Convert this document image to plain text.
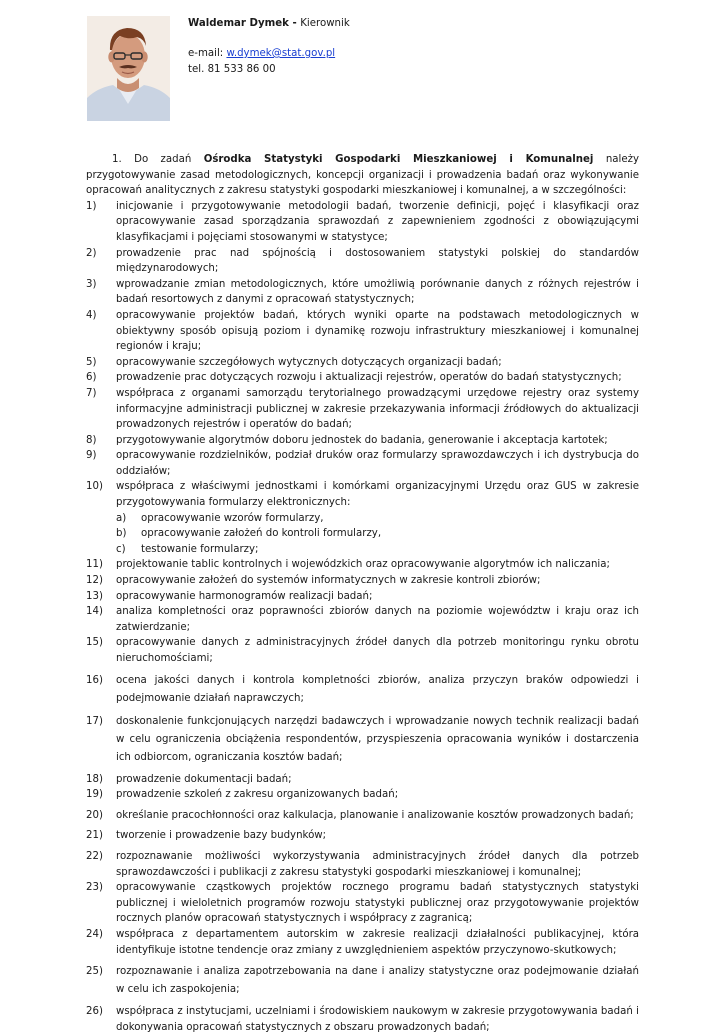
Waldemar Dymek - Kierownik
e-mail: w.dymek@stat.gov.pl
tel. 81 533 86 00

1. Do zadań Ośrodka Statystyki Gospodarki Mieszkaniowej i Komunalnej należy przygotowywanie zasad metodologicznych, koncepcji organizacji i prowadzenia badań oraz wykonywanie opracowań analitycznych z zakresu statystyki gospodarki mieszkaniowej i komunalnej, a w szczególności:

1)	inicjowanie i przygotowywanie metodologii badań, tworzenie definicji, pojęć i klasyfikacji oraz opracowywanie zasad sporządzania sprawozdań z zapewnieniem zgodności z obowiązującymi klasyfikacjami i pojęciami stosowanymi w statystyce;
2)	prowadzenie prac nad spójnością i dostosowaniem statystyki polskiej do standardów międzynarodowych;
3)	wprowadzanie zmian metodologicznych, które umożliwią porównanie danych z różnych rejestrów i badań resortowych z danymi z opracowań statystycznych;
4)	opracowywanie projektów badań, których wyniki oparte na podstawach metodologicznych w obiektywny sposób opisują poziom i dynamikę rozwoju infrastruktury mieszkaniowej i komunalnej regionów i kraju;
5)	opracowywanie szczegółowych wytycznych dotyczących organizacji badań;
6)	prowadzenie prac dotyczących rozwoju i aktualizacji rejestrów, operatów do badań statystycznych;
7)	współpraca z organami samorządu terytorialnego prowadzącymi urzędowe rejestry oraz systemy informacyjne administracji publicznej w zakresie przekazywania informacji źródłowych do aktualizacji prowadzonych rejestrów i operatów do badań;
8)	przygotowywanie algorytmów doboru jednostek do badania, generowanie i akceptacja kartotek;
9)	opracowywanie rozdzielników, podział druków oraz formularzy sprawozdawczych i ich dystrybucja do oddziałów;
10)	współpraca z właściwymi jednostkami i komórkami organizacyjnymi Urzędu oraz GUS w zakresie przygotowywania formularzy elektronicznych:
a) opracowywanie wzorów formularzy,
b) opracowywanie założeń do kontroli formularzy,
c) testowanie formularzy;
11)	projektowanie tablic kontrolnych i wojewódzkich oraz opracowywanie algorytmów ich naliczania;
12)	opracowywanie założeń do systemów informatycznych w zakresie kontroli zbiorów;
13)	opracowywanie harmonogramów realizacji badań;
14)	analiza kompletności oraz poprawności zbiorów danych na poziomie województw i kraju oraz ich zatwierdzanie;
15)	opracowywanie danych z administracyjnych źródeł danych dla potrzeb monitoringu rynku obrotu nieruchomościami;
16)	ocena jakości danych i kontrola kompletności zbiorów, analiza przyczyn braków odpowiedzi i podejmowanie działań naprawczych;
17)	doskonalenie funkcjonujących narzędzi badawczych i wprowadzanie nowych technik realizacji badań w celu ograniczenia obciążenia respondentów, przyspieszenia opracowania wyników i dostarczenia ich odbiorcom, ograniczania kosztów badań;
18)	prowadzenie dokumentacji badań;
19)	prowadzenie szkoleń z zakresu organizowanych badań;
20)	określanie pracochłonności oraz kalkulacja, planowanie i analizowanie kosztów prowadzonych badań;
21)	tworzenie i prowadzenie bazy budynków;
22)	rozpoznawanie możliwości wykorzystywania administracyjnych źródeł danych dla potrzeb sprawozdawczości i publikacji z zakresu statystyki gospodarki mieszkaniowej i komunalnej;
23)	opracowywanie cząstkowych projektów rocznego programu badań statystycznych statystyki publicznej i wieloletnich programów rozwoju statystyki publicznej oraz przygotowywanie projektów rocznych planów opracowań statystycznych i współpracy z zagranicą;
24)	współpraca z departamentem autorskim w zakresie realizacji działalności publikacyjnej, która identyfikuje istotne tendencje oraz zmiany z uwzględnieniem aspektów przyczynowo-skutkowych;
25)	rozpoznawanie i analiza zapotrzebowania na dane i analizy statystyczne oraz podejmowanie działań w celu ich zaspokojenia;
26)	współpraca z instytucjami, uczelniami i środowiskiem naukowym w zakresie przygotowywania badań i dokonywania opracowań statystycznych z obszaru prowadzonych badań;
